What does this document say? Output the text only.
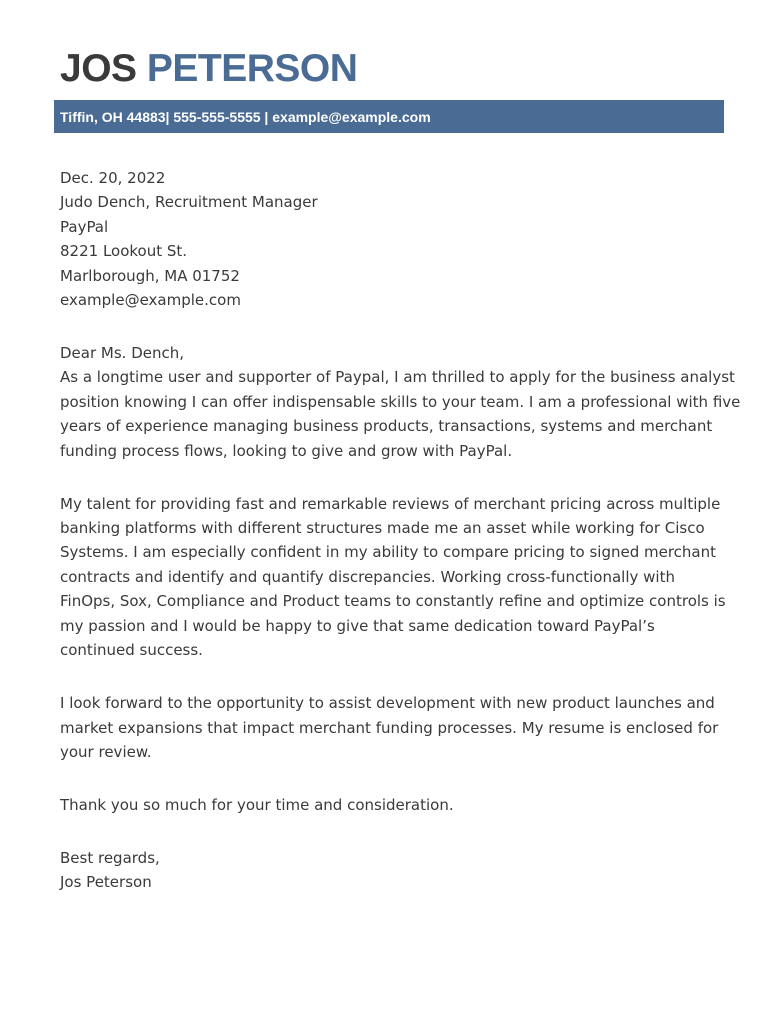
JOS PETERSON
Tiffin, OH 44883| 555-555-5555 | example@example.com

Dec. 20, 2022

Judo Dench, Recruitment Manager
PayPal
8221 Lookout St.
Marlborough, MA 01752
example@example.com

Dear Ms. Dench,

As a longtime user and supporter of Paypal, I am thrilled to apply for the business analyst
position knowing I can offer indispensable skills to your team. I am a professional with five
years of experience managing business products, transactions, systems and merchant
funding process flows, looking to give and grow with PayPal.
My talent for providing fast and remarkable reviews of merchant pricing across multiple
banking platforms with different structures made me an asset while working for Cisco
Systems. I am especially confident in my ability to compare pricing to signed merchant
contracts and identify and quantify discrepancies. Working cross-functionally with
FinOps, Sox, Compliance and Product teams to constantly refine and optimize controls is
my passion and I would be happy to give that same dedication toward PayPal’s
continued success.
I look forward to the opportunity to assist development with new product launches and
market expansions that impact merchant funding processes. My resume is enclosed for
your review.
Thank you so much for your time and consideration.
Best regards,
Jos Peterson
